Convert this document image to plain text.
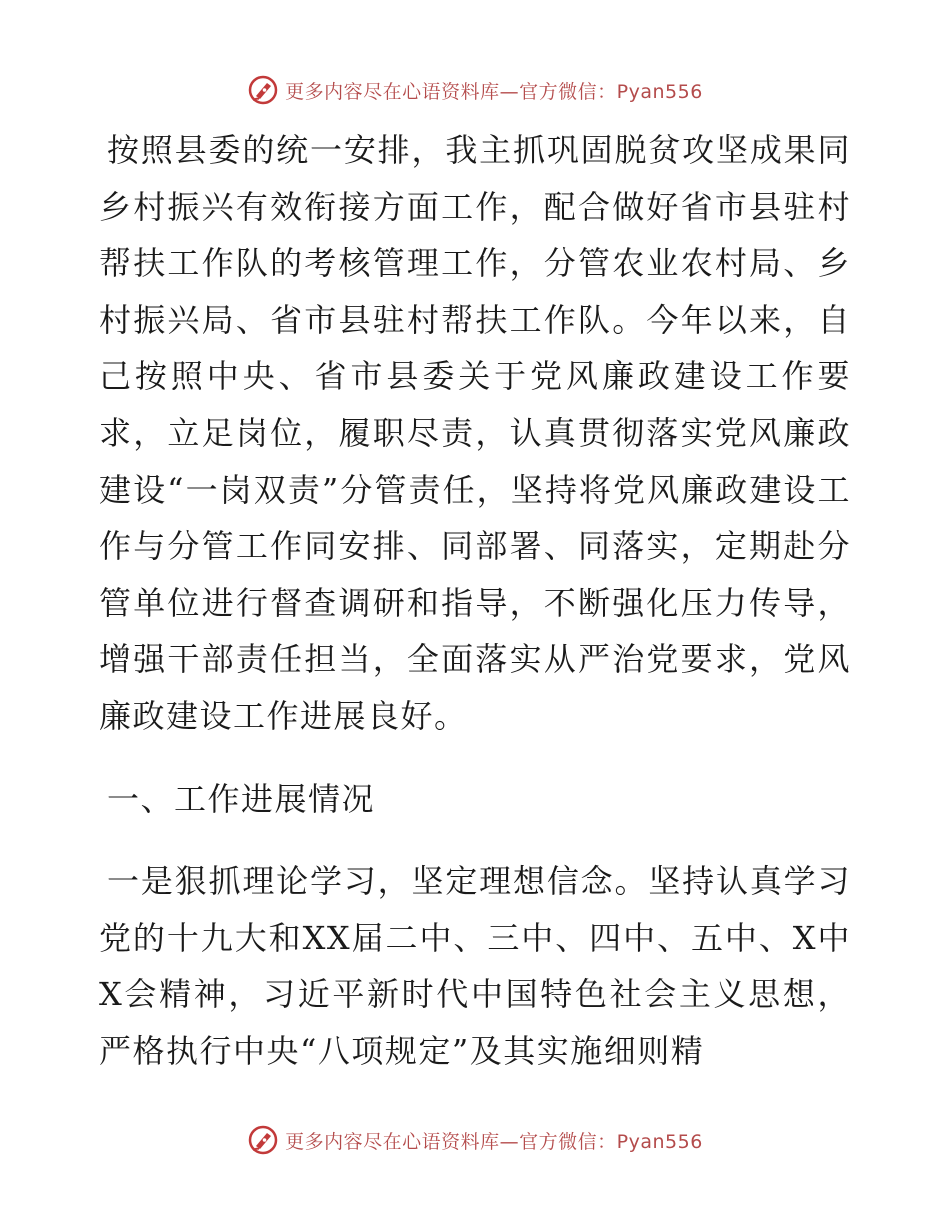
更多内容尽在心语资料库—官方微信：Pyan556

按照县委的统一安排，我主抓巩固脱贫攻坚成果同乡村振兴有效衔接方面工作，配合做好省市县驻村帮扶工作队的考核管理工作，分管农业农村局、乡村振兴局、省市县驻村帮扶工作队。今年以来，自己按照中央、省市县委关于党风廉政建设工作要求，立足岗位，履职尽责，认真贯彻落实党风廉政建设“一岗双责”分管责任，坚持将党风廉政建设工作与分管工作同安排、同部署、同落实，定期赴分管单位进行督查调研和指导，不断强化压力传导，增强干部责任担当，全面落实从严治党要求，党风廉政建设工作进展良好。

一、工作进展情况

一是狠抓理论学习，坚定理想信念。坚持认真学习党的十九大和XX届二中、三中、四中、五中、X中X会精神，习近平新时代中国特色社会主义思想，严格执行中央“八项规定”及其实施细则精

更多内容尽在心语资料库—官方微信：Pyan556
